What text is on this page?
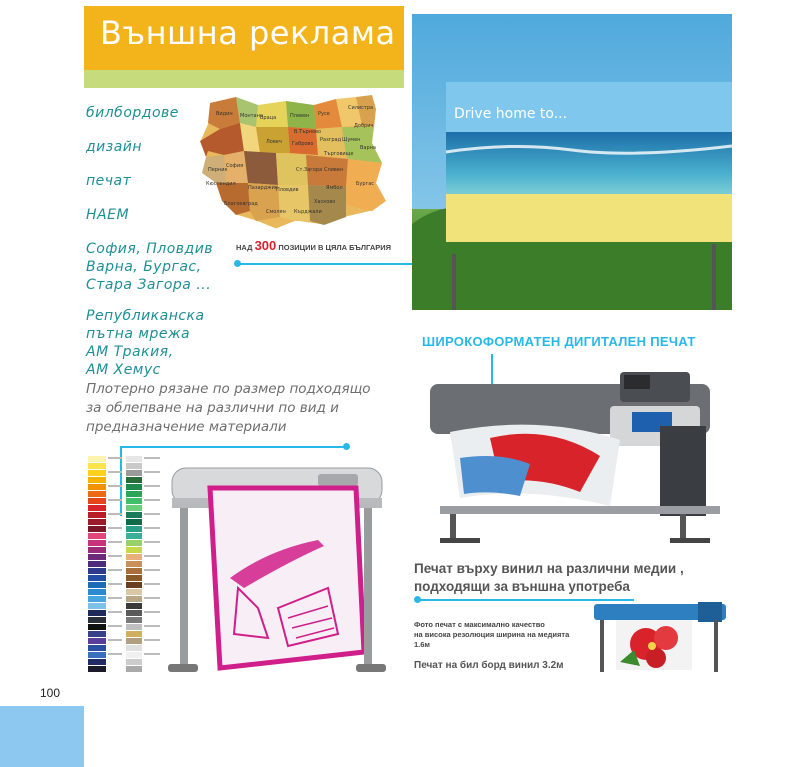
Външна реклама
билбордове
дизайн
печат
НАЕМ
София, Пловдив
Варна, Бургас,
Стара Загора ...
Републиканска
пътна мрежа
АМ Тракия,
АМ Хемус
Видин Монтана
Враца	Плевен
Ловеч Габрово
Русе
Разград
Силистра
Добрич
Варна
Шумен
Търговище
В.Търново
София
Перник
Кюстендил
Благоевград
Пазарджик
Пловдив
Смолян Кърджали
Хасково
Ст.Загора Сливен
Ямбол
Бургас
НАД 300 ПОЗИЦИИ В ЦЯЛА БЪЛГАРИЯ
Drive home to...
ШИРОКОФОРМАТЕН ДИГИТАЛЕН ПЕЧАТ
Печат върху винил на различни медии ,
подходящи за външна употреба
Фото печат с максимално качество
на висока резолюция ширина на медията
1.6м
Печат на бил борд винил 3.2м
Плотерно рязане по размер подходящо
за облепване на различни по вид и
предназначение материали
100
